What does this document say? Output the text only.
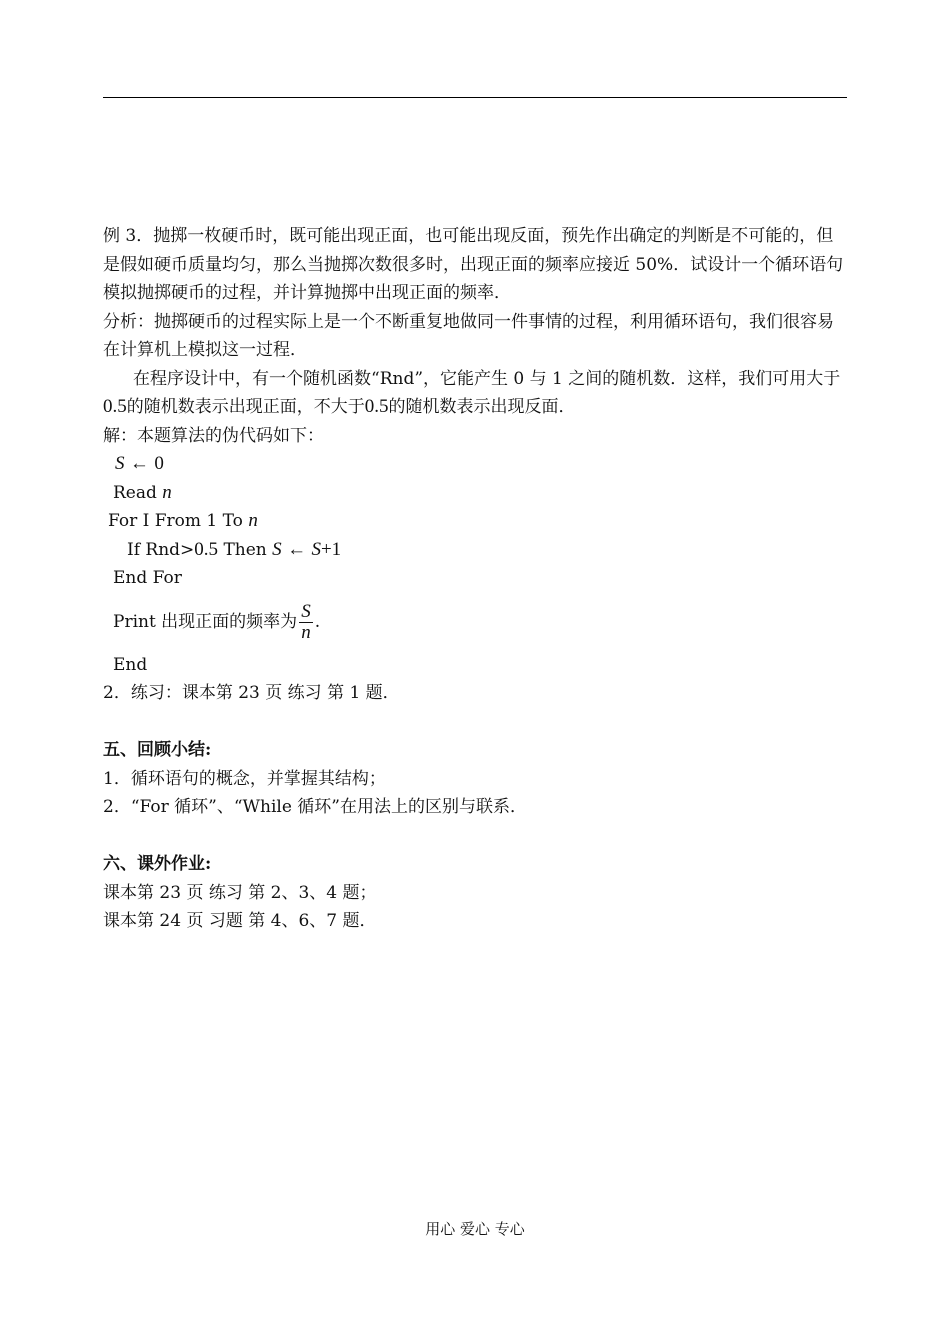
例 3．抛掷一枚硬币时，既可能出现正面，也可能出现反面，预先作出确定的判断是不可能的，但是假如硬币质量均匀，那么当抛掷次数很多时，出现正面的频率应接近 50%．试设计一个循环语句模拟抛掷硬币的过程，并计算抛掷中出现正面的频率．

分析：抛掷硬币的过程实际上是一个不断重复地做同一件事情的过程，利用循环语句，我们很容易在计算机上模拟这一过程．

在程序设计中，有一个随机函数“Rnd”，它能产生 0 与 1 之间的随机数．这样，我们可用大于0.5的随机数表示出现正面，不大于0.5的随机数表示出现反面．

解：本题算法的伪代码如下：

S ← 0
Read n
For I From 1 To n
If Rnd>0.5 Then S ← S+1
End For
Print 出现正面的频率为 $\frac{S}{n}$ .
End

2．练习：课本第 23 页 练习 第 1 题．

五、回顾小结:

1．循环语句的概念，并掌握其结构；

2．“For 循环”、“While 循环”在用法上的区别与联系．

六、课外作业:

课本第 23 页 练习 第 2、3、4 题；

课本第 24 页 习题 第 4、6、7 题．

用心 爱心 专心
